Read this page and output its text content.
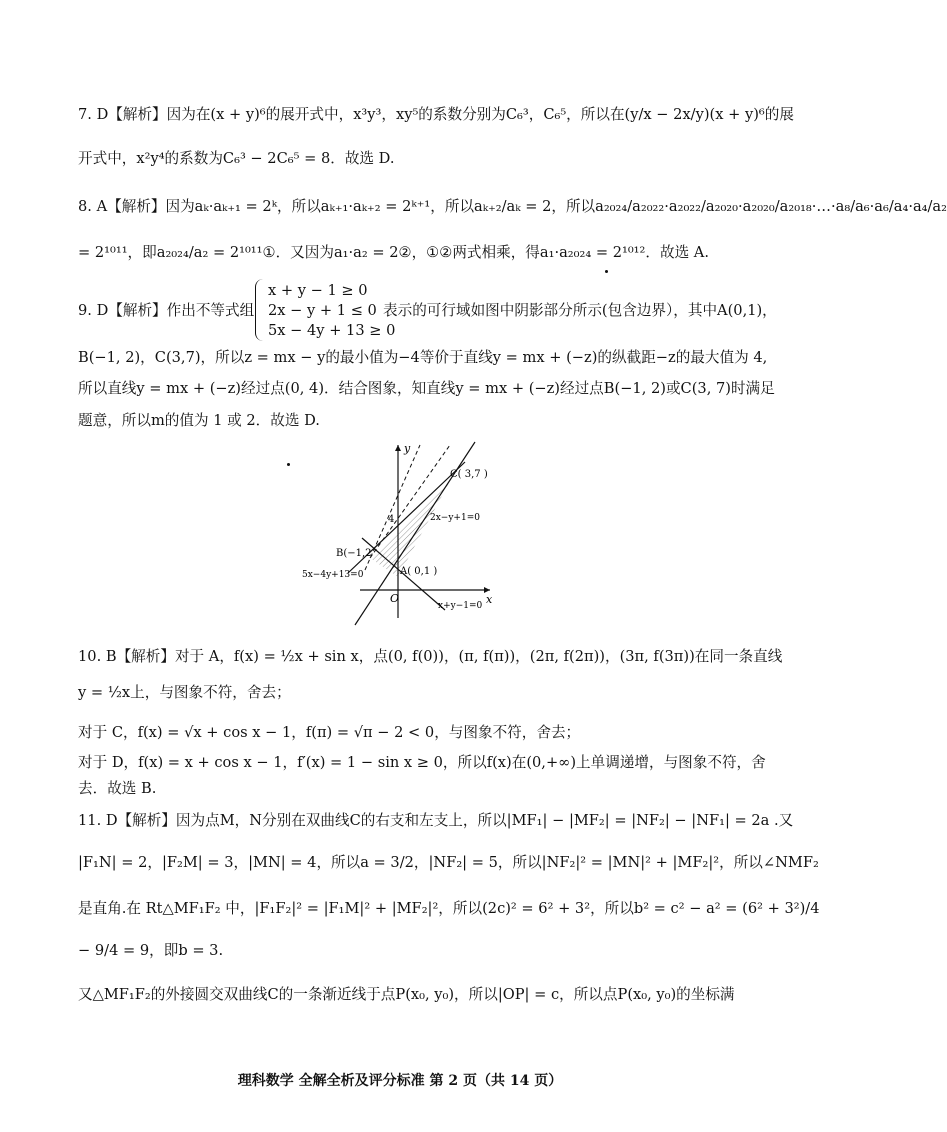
7. D【解析】因为在(x + y)⁶的展开式中，x³y³，xy⁵的系数分别为C₆³，C₆⁵，所以在(y/x − 2x/y)(x + y)⁶的展
开式中，x²y⁴的系数为C₆³ − 2C₆⁵ = 8．故选 D.
8. A【解析】因为aₖ·aₖ₊₁ = 2ᵏ，所以aₖ₊₁·aₖ₊₂ = 2ᵏ⁺¹，所以aₖ₊₂/aₖ = 2，所以a₂₀₂₄/a₂₀₂₂·a₂₀₂₂/a₂₀₂₀·a₂₀₂₀/a₂₀₁₈·…·a₈/a₆·a₆/a₄·a₄/a₂
= 2¹⁰¹¹，即a₂₀₂₄/a₂ = 2¹⁰¹¹①．又因为a₁·a₂ = 2②，①②两式相乘，得a₁·a₂₀₂₄ = 2¹⁰¹²．故选 A.
9. D【解析】作出不等式组
x + y − 1 ≥ 0
2x − y + 1 ≤ 0
5x − 4y + 13 ≥ 0
表示的可行域如图中阴影部分所示(包含边界），其中A(0,1)，
B(−1, 2)，C(3,7)，所以z = mx − y的最小值为−4等价于直线y = mx + (−z)的纵截距−z的最大值为 4,
所以直线y = mx + (−z)经过点(0, 4)．结合图象，知直线y = mx + (−z)经过点B(−1, 2)或C(3, 7)时满足
题意，所以m的值为 1 或 2．故选 D.
y
x
O
4
C( 3,7 )
B(−1,2
A( 0,1 )
2x−y+1=0
5x−4y+13=0
x+y−1=0
10. B【解析】对于 A，f(x) = ½x + sin x，点(0, f(0))，(π, f(π))，(2π, f(2π))，(3π, f(3π))在同一条直线
y = ½x上，与图象不符，舍去；
对于 C，f(x) = √x + cos x − 1，f(π) = √π − 2 < 0，与图象不符，舍去；
对于 D，f(x) = x + cos x − 1，f′(x) = 1 − sin x ≥ 0，所以f(x)在(0,+∞)上单调递增，与图象不符，舍
去．故选 B.
11. D【解析】因为点M，N分别在双曲线C的右支和左支上，所以|MF₁| − |MF₂| = |NF₂| − |NF₁| = 2a .又
|F₁N| = 2，|F₂M| = 3，|MN| = 4，所以a = 3/2，|NF₂| = 5，所以|NF₂|² = |MN|² + |MF₂|²，所以∠NMF₂
是直角.在 Rt△MF₁F₂ 中，|F₁F₂|² = |F₁M|² + |MF₂|²，所以(2c)² = 6² + 3²，所以b² = c² − a² = (6² + 3²)/4
− 9/4 = 9，即b = 3.
又△MF₁F₂的外接圆交双曲线C的一条渐近线于点P(x₀, y₀)，所以|OP| = c，所以点P(x₀, y₀)的坐标满
理科数学 全解全析及评分标准 第 2 页（共 14 页）
